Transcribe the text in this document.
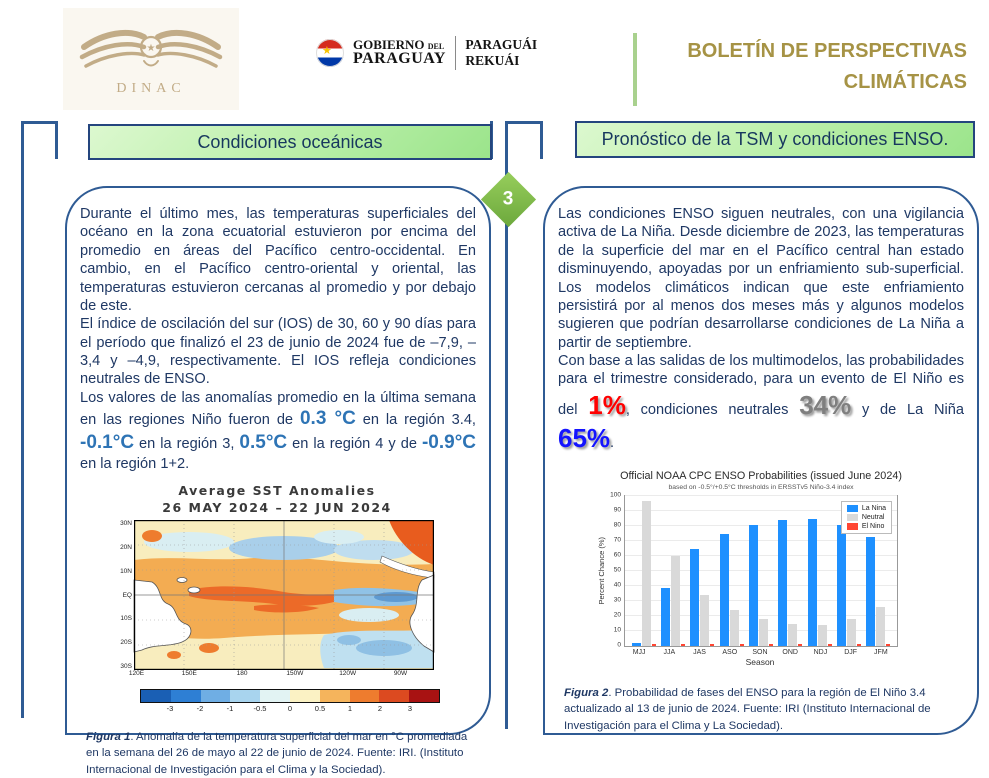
★
DINAC
★ GOBIERNO DEL
PARAGUAY
PARAGUÁI
REKUÁI	BOLETÍN DE PERSPECTIVAS
CLIMÁTICAS
Condiciones oceánicas	Pronóstico de la TSM y condiciones ENSO.
3
Durante el último mes, las temperaturas superficiales del océano en la zona ecuatorial estuvieron por encima del promedio en áreas del Pacífico centro-occidental. En cambio, en el Pacífico centro-oriental y oriental, las temperaturas estuvieron cercanas al promedio y por debajo de este.
El índice de oscilación del sur (IOS) de 30, 60 y 90 días para el período que finalizó el 23 de junio de 2024 fue de –7,9, –3,4 y –4,9, respectivamente. El IOS refleja condiciones neutrales de ENSO.
Los valores de las anomalías promedio en la última semana en las regiones Niño fueron de 0.3 °C en la región 3.4, -0.1°C en la región 3, 0.5°C en la región 4 y de -0.9°C en la región 1+2.
Average SST Anomalies
26 MAY 2024 – 22 JUN 2024
30N
20N
10N
EQ
10S
20S
30S
120E	150E	180	150W	120W	90W
-3	-2	-1	-0.5	0	0.5	1	2	3
Figura 1. Anomalía de la temperatura superficial del mar en °C promediada en la semana del 26 de mayo al 22 de junio de 2024. Fuente: IRI. (Instituto Internacional de Investigación para el Clima y la Sociedad).
Las condiciones ENSO siguen neutrales, con una vigilancia activa de La Niña. Desde diciembre de 2023, las temperaturas de la superficie del mar en el Pacífico central han estado disminuyendo, apoyadas por un enfriamiento sub-superficial. Los modelos climáticos indican que este enfriamiento persistirá por al menos dos meses más y algunos modelos sugieren que podrían desarrollarse condiciones de La Niña a partir de septiembre.
Con base a las salidas de los multimodelos, las probabilidades para el trimestre considerado, para un evento de El Niño es del 1%, condiciones neutrales 34% y de La Niña 65%.
Official NOAA CPC ENSO Probabilities (issued June 2024)
based on -0.5°/+0.5°C thresholds in ERSSTv5 Niño-3.4 index
Percent Chance (%)
0
10
20
30
40
50
60
70
80
90
100
La Nina
Neutral
El Nino
MJJ	JJA	JAS	ASO	SON	OND	NDJ	DJF	JFM
Season
Figura 2. Probabilidad de fases del ENSO para la región de El Niño 3.4 actualizado al 13 de junio de 2024. Fuente: IRI (Instituto Internacional de Investigación para el Clima y La Sociedad).
